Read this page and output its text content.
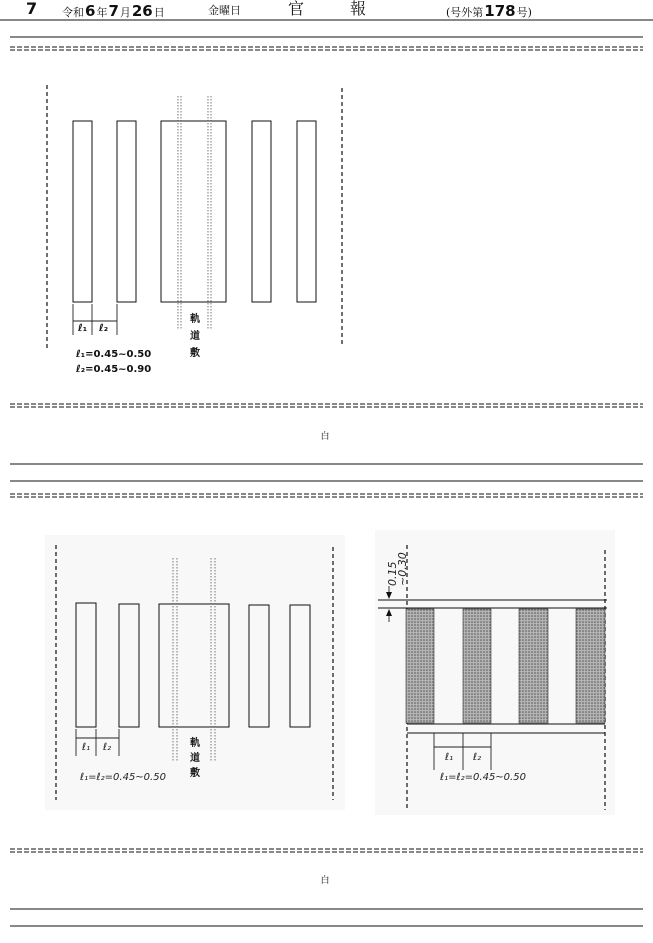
ℓ₁ ℓ₂
軌
道
敷
ℓ₁=0.45~0.50
ℓ₂=0.45~0.90
白
ℓ₁ ℓ₂	軌
道
敷
ℓ₁=ℓ₂=0.45~0.50
0.15
~0.30
ℓ₁ ℓ₂
ℓ₁=ℓ₂=0.45~0.50
白
7 令和6年7月26日	金曜日	官	報	(号外第178号)
